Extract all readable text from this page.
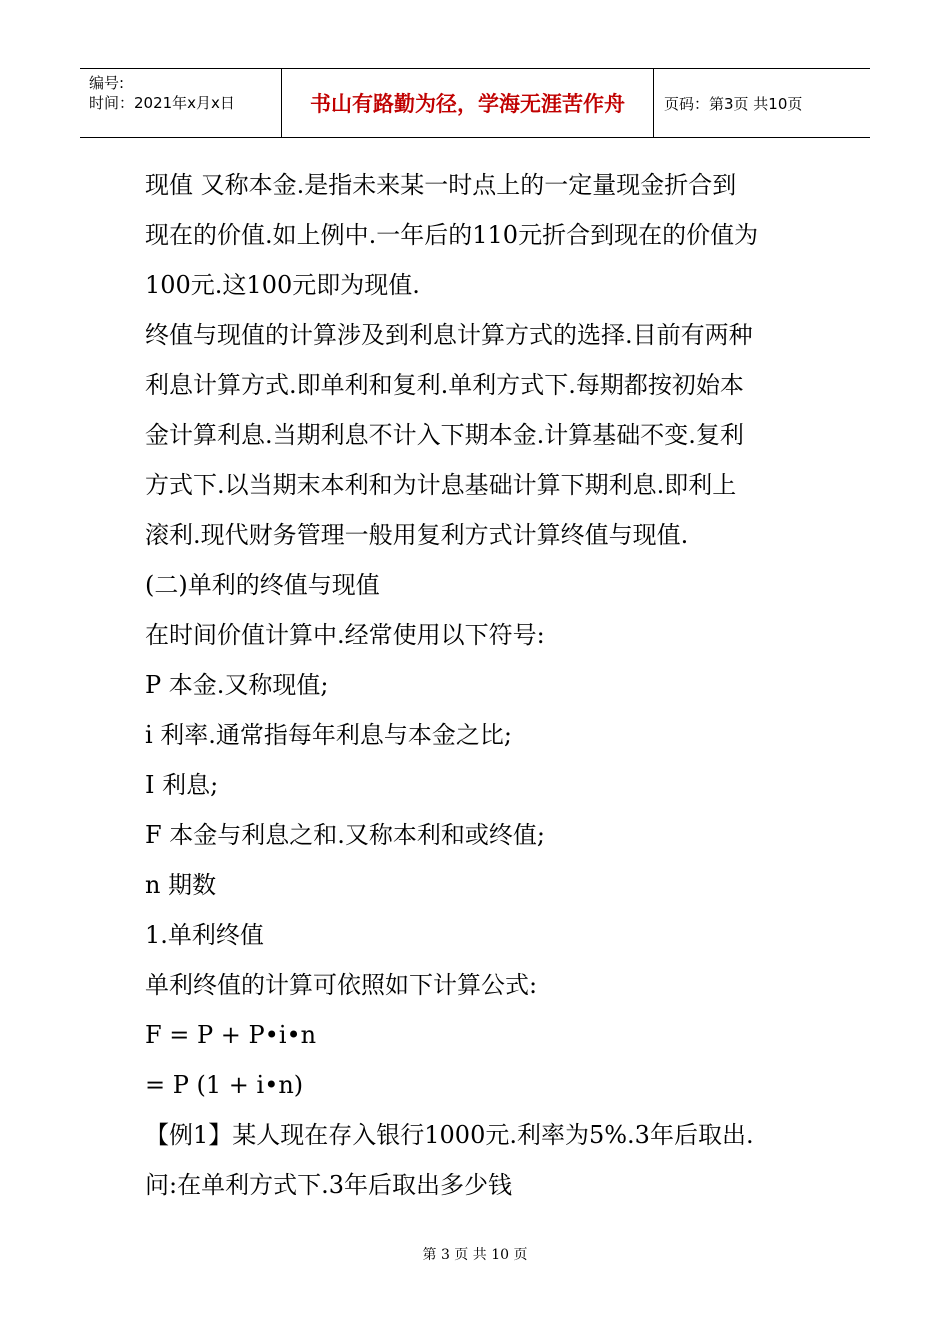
编号:
时间：2021年x月x日	书山有路勤为径，学海无涯苦作舟	页码：第3页 共10页

现值 又称本金.是指未来某一时点上的一定量现金折合到

现在的价值.如上例中.一年后的110元折合到现在的价值为

100元.这100元即为现值.

终值与现值的计算涉及到利息计算方式的选择.目前有两种

利息计算方式.即单利和复利.单利方式下.每期都按初始本

金计算利息.当期利息不计入下期本金.计算基础不变.复利

方式下.以当期末本利和为计息基础计算下期利息.即利上

滚利.现代财务管理一般用复利方式计算终值与现值.

(二)单利的终值与现值

在时间价值计算中.经常使用以下符号:

P 本金.又称现值;

i 利率.通常指每年利息与本金之比;

I 利息;

F 本金与利息之和.又称本利和或终值;

n 期数

1.单利终值

单利终值的计算可依照如下计算公式:

F = P + P•i•n

= P (1 + i•n)

【例1】某人现在存入银行1000元.利率为5%.3年后取出.

问:在单利方式下.3年后取出多少钱

第 3 页 共 10 页
